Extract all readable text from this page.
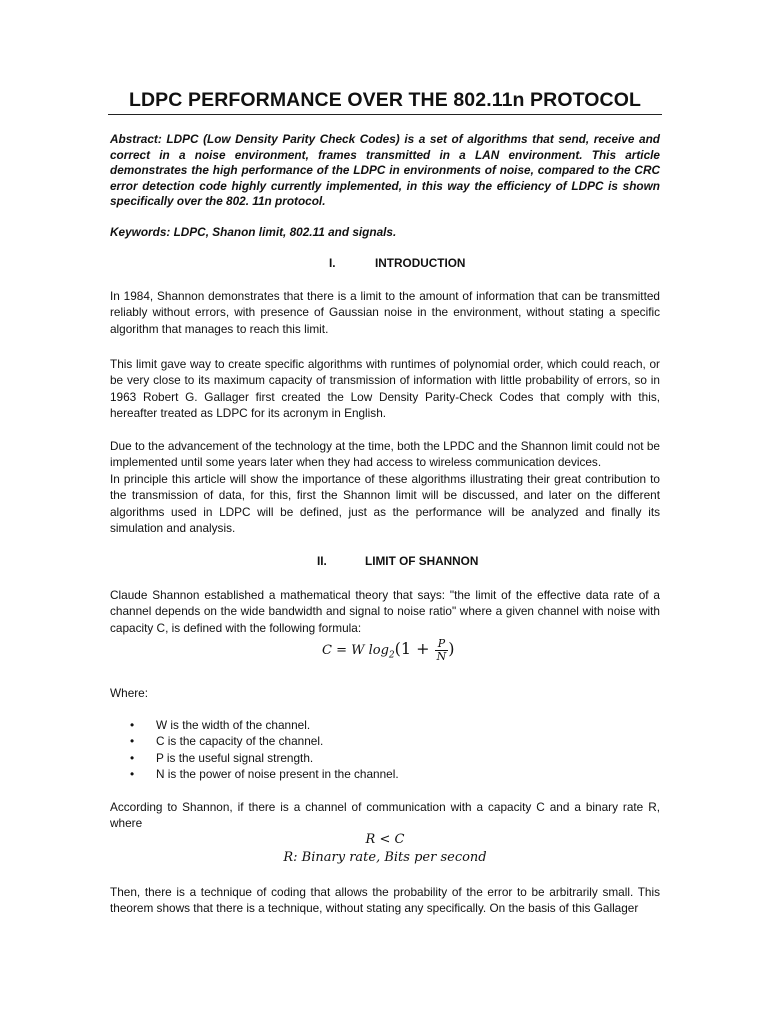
LDPC PERFORMANCE OVER THE 802.11n PROTOCOL

Abstract: LDPC (Low Density Parity Check Codes) is a set of algorithms that send, receive and correct in a noise environment, frames transmitted in a LAN environment. This article demonstrates the high performance of the LDPC in environments of noise, compared to the CRC error detection code highly currently implemented, in this way the efficiency of LDPC is shown specifically over the 802. 11n protocol.

Keywords: LDPC, Shanon limit, 802.11 and signals.

I.	INTRODUCTION

In 1984, Shannon demonstrates that there is a limit to the amount of information that can be transmitted reliably without errors, with presence of Gaussian noise in the environment, without stating a specific algorithm that manages to reach this limit.

This limit gave way to create specific algorithms with runtimes of polynomial order, which could reach, or be very close to its maximum capacity of transmission of information with little probability of errors, so in 1963 Robert G. Gallager first created the Low Density Parity-Check Codes that comply with this, hereafter treated as LDPC for its acronym in English.

Due to the advancement of the technology at the time, both the LPDC and the Shannon limit could not be implemented until some years later when they had access to wireless communication devices.

In principle this article will show the importance of these algorithms illustrating their great contribution to the transmission of data, for this, first the Shannon limit will be discussed, and later on the different algorithms used in LDPC will be defined, just as the performance will be analyzed and finally its simulation and analysis.

II.	LIMIT OF SHANNON

Claude Shannon established a mathematical theory that says: "the limit of the effective data rate of a channel depends on the wide bandwidth and signal to noise ratio" where a given channel with noise with capacity C, is defined with the following formula:

C = W $\log_2(1 + \frac{P}{N}$ )

Where:

• W is the width of the channel.
• C is the capacity of the channel.
• P is the useful signal strength.
• N is the power of noise present in the channel.

According to Shannon, if there is a channel of communication with a capacity C and a binary rate R, where

R < C
R: Binary rate, Bits per second

Then, there is a technique of coding that allows the probability of the error to be arbitrarily small. This theorem shows that there is a technique, without stating any specifically. On the basis of this Gallager
